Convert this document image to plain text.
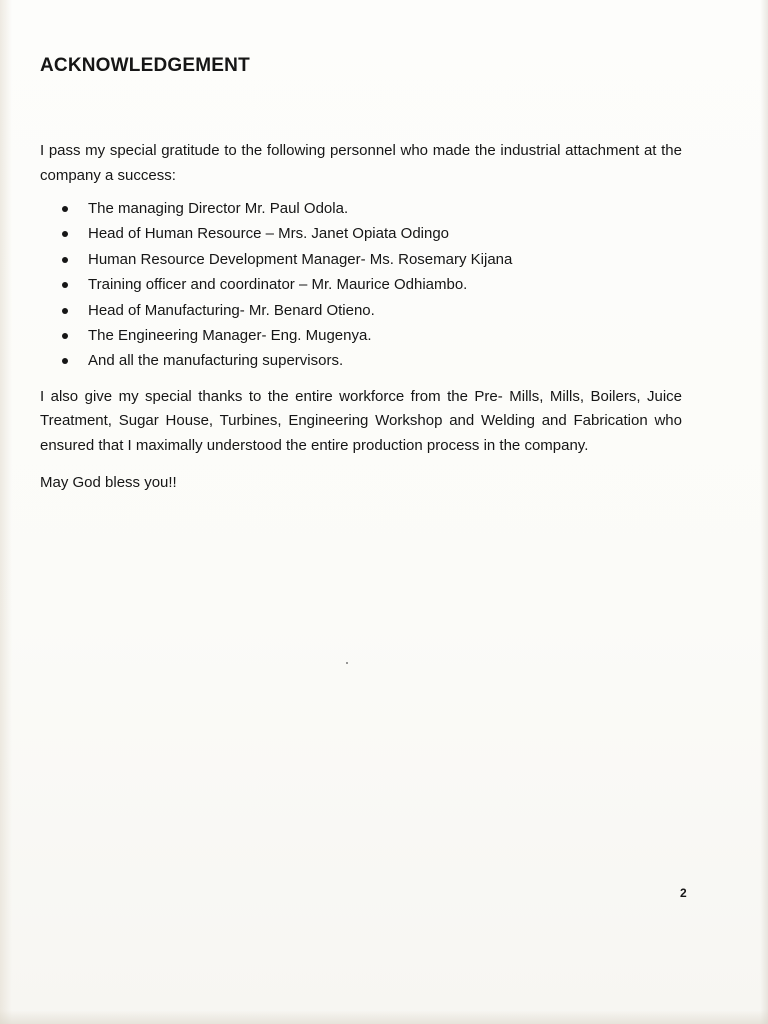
ACKNOWLEDGEMENT

I pass my special gratitude to the following personnel who made the industrial attachment at the company a success:

The managing Director Mr. Paul Odola.
Head of Human Resource – Mrs. Janet Opiata Odingo
Human Resource Development Manager- Ms. Rosemary Kijana
Training officer and coordinator – Mr. Maurice Odhiambo.
Head of Manufacturing- Mr. Benard Otieno.
The Engineering Manager- Eng. Mugenya.
And all the manufacturing supervisors.

I also give my special thanks to the entire workforce from the Pre- Mills, Mills, Boilers, Juice Treatment, Sugar House, Turbines, Engineering Workshop and Welding and Fabrication who ensured that I maximally understood the entire production process in the company.

May God bless you!!

2
